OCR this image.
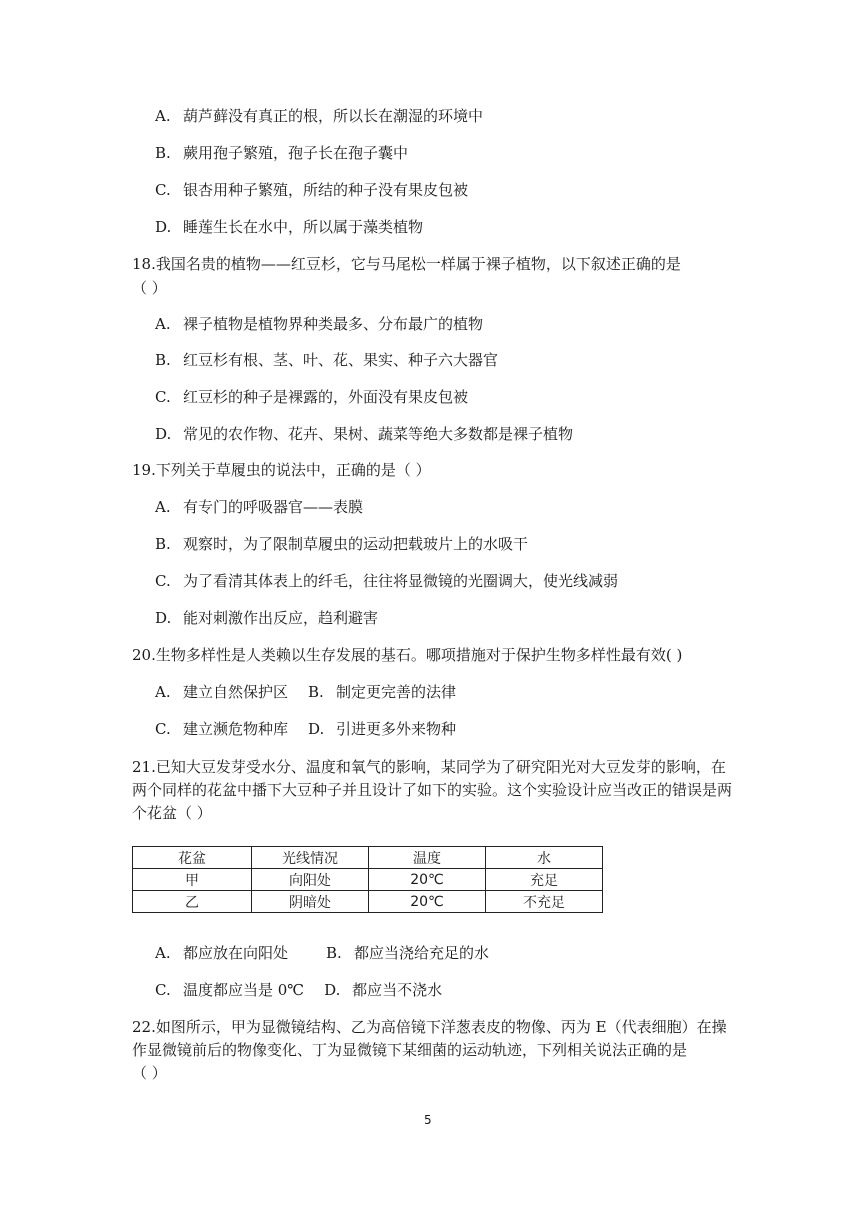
A. 葫芦藓没有真正的根，所以长在潮湿的环境中
B. 蕨用孢子繁殖，孢子长在孢子囊中
C. 银杏用种子繁殖，所结的种子没有果皮包被
D. 睡莲生长在水中，所以属于藻类植物
18.我国名贵的植物——红豆杉，它与马尾松一样属于裸子植物，以下叙述正确的是
（ ）
A. 裸子植物是植物界种类最多、分布最广的植物
B. 红豆杉有根、茎、叶、花、果实、种子六大器官
C. 红豆杉的种子是裸露的，外面没有果皮包被
D. 常见的农作物、花卉、果树、蔬菜等绝大多数都是裸子植物
19.下列关于草履虫的说法中，正确的是（ ）
A. 有专门的呼吸器官——表膜
B. 观察时，为了限制草履虫的运动把载玻片上的水吸干
C. 为了看清其体表上的纤毛，往往将显微镜的光圈调大，使光线减弱
D. 能对刺激作出反应，趋利避害
20.生物多样性是人类赖以生存发展的基石。哪项措施对于保护生物多样性最有效( )
A. 建立自然保护区 B. 制定更完善的法律
C. 建立濒危物种库 D. 引进更多外来物种
21.已知大豆发芽受水分、温度和氧气的影响，某同学为了研究阳光对大豆发芽的影响，在
两个同样的花盆中播下大豆种子并且设计了如下的实验。这个实验设计应当改正的错误是两
个花盆（ ）
花盆	光线情况	温度	水
甲	向阳处	20℃	充足
乙	阴暗处	20℃	不充足
A. 都应放在向阳处	B. 都应当浇给充足的水
C. 温度都应当是 0℃ D. 都应当不浇水
22.如图所示，甲为显微镜结构、乙为高倍镜下洋葱表皮的物像、丙为 E（代表细胞）在操
作显微镜前后的物像变化、丁为显微镜下某细菌的运动轨迹，下列相关说法正确的是
（ ）
5
